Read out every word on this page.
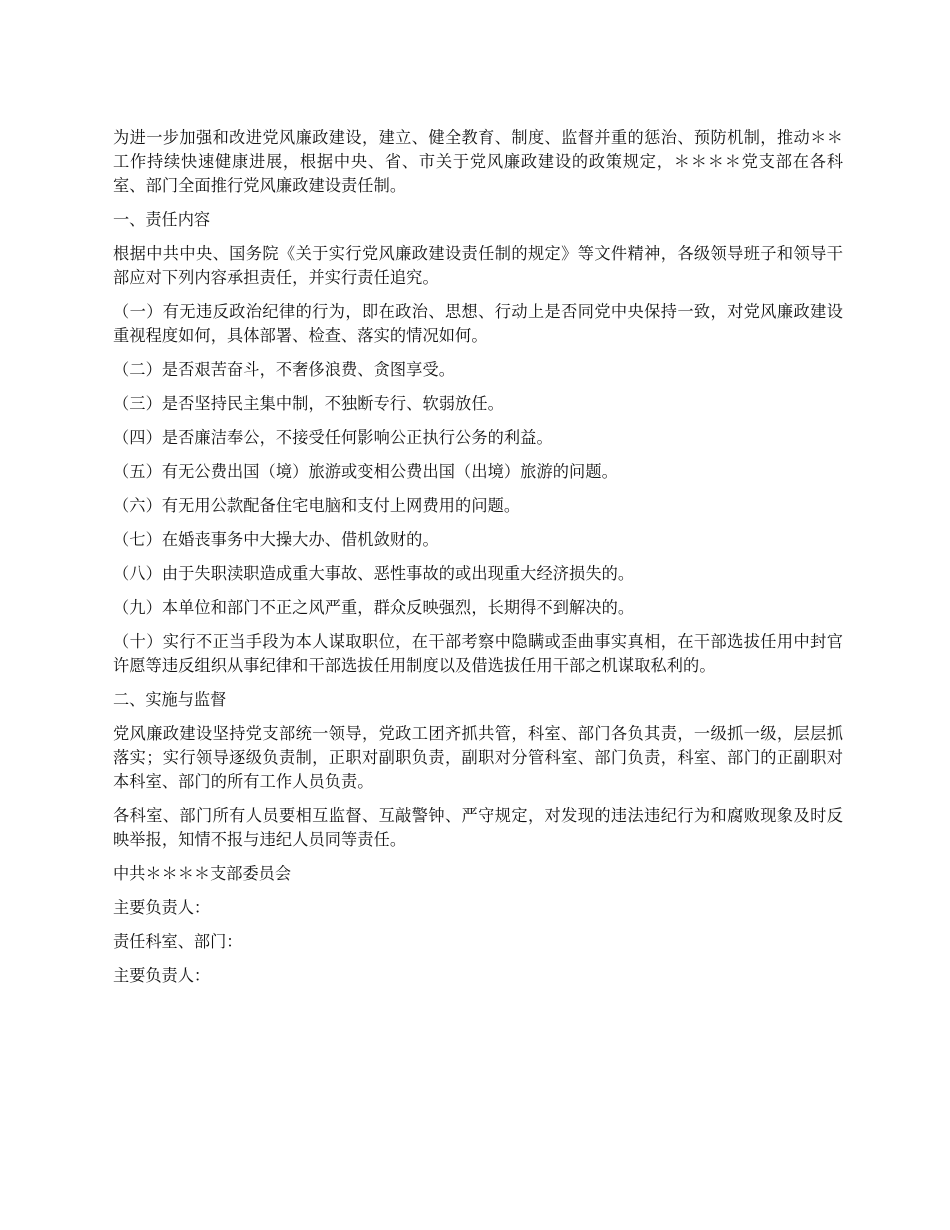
为进一步加强和改进党风廉政建设，建立、健全教育、制度、监督并重的惩治、预防机制，推动＊＊工作持续快速健康进展，根据中央、省、市关于党风廉政建设的政策规定，＊＊＊＊党支部在各科室、部门全面推行党风廉政建设责任制。

一、责任内容

根据中共中央、国务院《关于实行党风廉政建设责任制的规定》等文件精神，各级领导班子和领导干部应对下列内容承担责任，并实行责任追究。

（一）有无违反政治纪律的行为，即在政治、思想、行动上是否同党中央保持一致，对党风廉政建设重视程度如何，具体部署、检查、落实的情况如何。

（二）是否艰苦奋斗，不奢侈浪费、贪图享受。

（三）是否坚持民主集中制，不独断专行、软弱放任。

（四）是否廉洁奉公，不接受任何影响公正执行公务的利益。

（五）有无公费出国（境）旅游或变相公费出国（出境）旅游的问题。

（六）有无用公款配备住宅电脑和支付上网费用的问题。

（七）在婚丧事务中大操大办、借机敛财的。

（八）由于失职渎职造成重大事故、恶性事故的或出现重大经济损失的。

（九）本单位和部门不正之风严重，群众反映强烈，长期得不到解决的。

（十）实行不正当手段为本人谋取职位，在干部考察中隐瞒或歪曲事实真相，在干部选拔任用中封官许愿等违反组织从事纪律和干部选拔任用制度以及借选拔任用干部之机谋取私利的。

二、实施与监督

党风廉政建设坚持党支部统一领导，党政工团齐抓共管，科室、部门各负其责，一级抓一级，层层抓落实；实行领导逐级负责制，正职对副职负责，副职对分管科室、部门负责，科室、部门的正副职对本科室、部门的所有工作人员负责。

各科室、部门所有人员要相互监督、互敲警钟、严守规定，对发现的违法违纪行为和腐败现象及时反映举报，知情不报与违纪人员同等责任。

中共＊＊＊＊支部委员会

主要负责人：

责任科室、部门：

主要负责人：
